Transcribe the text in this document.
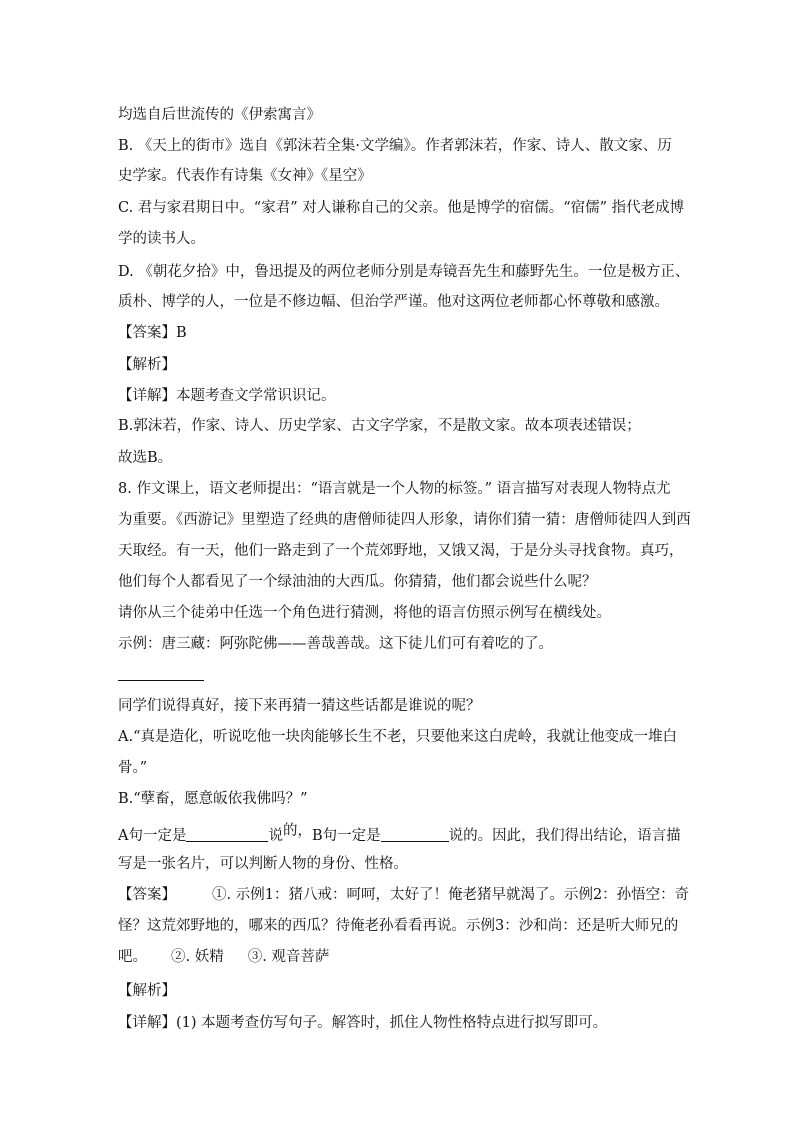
均选自后世流传的《伊索寓言》
B. 《天上的街市》选自《郭沫若全集·文学编》。作者郭沫若，作家、诗人、散文家、历
史学家。代表作有诗集《女神》《星空》
C. 君与家君期日中。“家君” 对人谦称自己的父亲。他是博学的宿儒。“宿儒” 指代老成博
学的读书人。
D. 《朝花夕拾》中，鲁迅提及的两位老师分别是寿镜吾先生和藤野先生。一位是极方正、
质朴、博学的人，一位是不修边幅、但治学严谨。他对这两位老师都心怀尊敬和感激。
【答案】B
【解析】
【详解】本题考查文学常识识记。
B.郭沫若，作家、诗人、历史学家、古文字学家，不是散文家。故本项表述错误；
故选B。
8. 作文课上，语文老师提出：“语言就是一个人物的标签。” 语言描写对表现人物特点尤
为重要。《西游记》里塑造了经典的唐僧师徒四人形象，请你们猜一猜：唐僧师徒四人到西
天取经。有一天，他们一路走到了一个荒郊野地，又饿又渴，于是分头寻找食物。真巧，
他们每个人都看见了一个绿油油的大西瓜。你猜猜，他们都会说些什么呢？
请你从三个徒弟中任选一个角色进行猜测，将他的语言仿照示例写在横线处。
示例：唐三藏：阿弥陀佛——善哉善哉。这下徒儿们可有着吃的了。
同学们说得真好，接下来再猜一猜这些话都是谁说的呢？
A.“真是造化，听说吃他一块肉能够长生不老，只要他来这白虎岭，我就让他变成一堆白
骨。”
B.“孽畜，愿意皈依我佛吗？”
A句一定是	说的，B句一定是	说的。因此，我们得出结论，语言描
写是一张名片，可以判断人物的身份、性格。
【答案】 ①. 示例1：猪八戒：呵呵，太好了！俺老猪早就渴了。示例2：孙悟空：奇
怪？这荒郊野地的，哪来的西瓜？待俺老孙看看再说。示例3：沙和尚：还是听大师兄的
吧。 ②. 妖精 ③. 观音菩萨
【解析】
【详解】(1) 本题考查仿写句子。解答时，抓住人物性格特点进行拟写即可。
